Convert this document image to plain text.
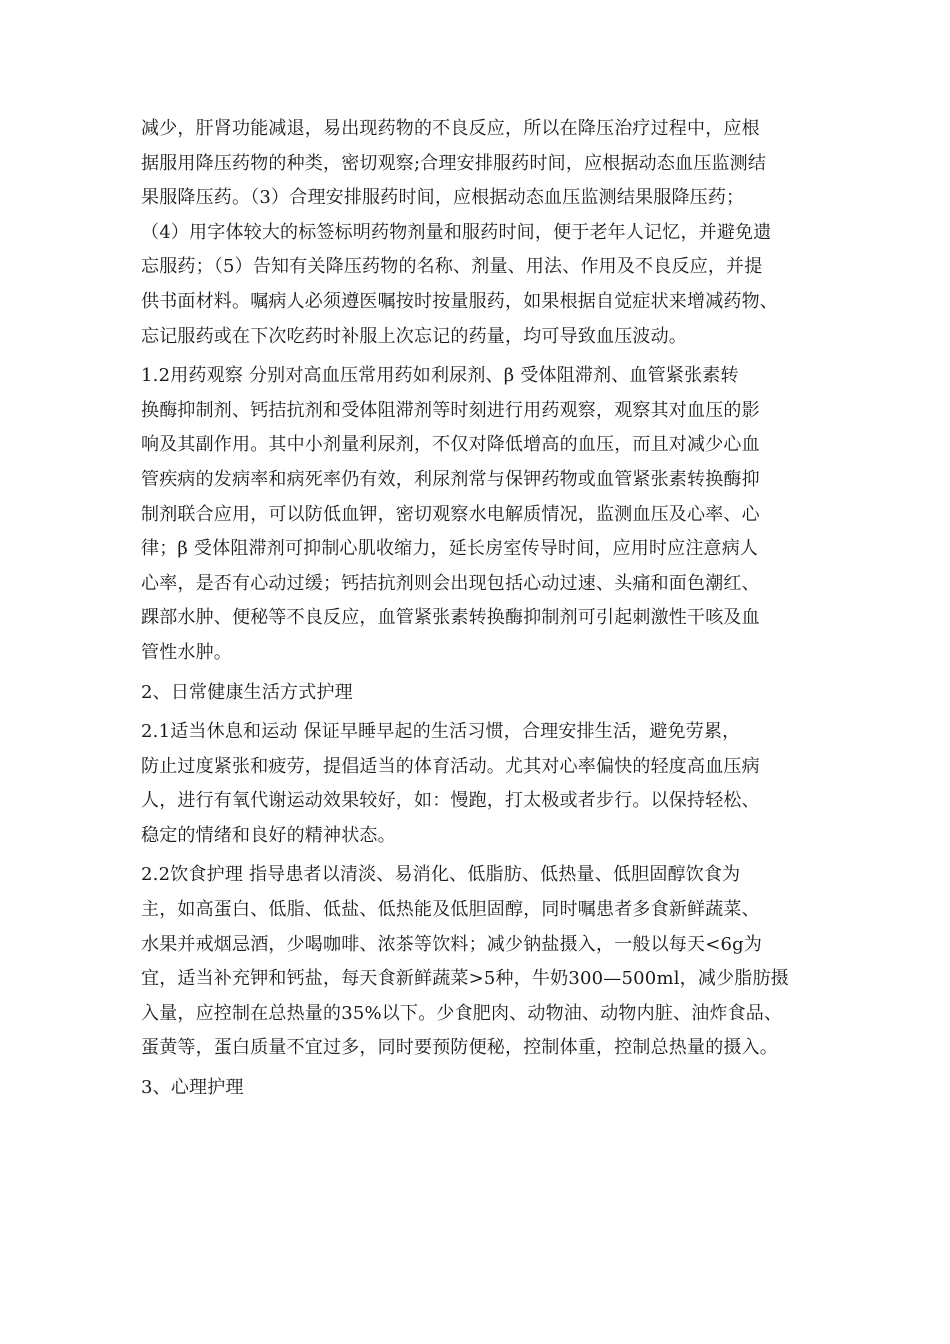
减少，肝肾功能减退，易出现药物的不良反应，所以在降压治疗过程中，应根
据服用降压药物的种类，密切观察;合理安排服药时间，应根据动态血压监测结
果服降压药。（3）合理安排服药时间，应根据动态血压监测结果服降压药；
（4）用字体较大的标签标明药物剂量和服药时间，便于老年人记忆，并避免遗
忘服药；（5）告知有关降压药物的名称、剂量、用法、作用及不良反应，并提
供书面材料。嘱病人必须遵医嘱按时按量服药，如果根据自觉症状来增减药物、
忘记服药或在下次吃药时补服上次忘记的药量，均可导致血压波动。

1.2用药观察 分别对高血压常用药如利尿剂、β 受体阻滞剂、血管紧张素转
换酶抑制剂、钙拮抗剂和受体阻滞剂等时刻进行用药观察，观察其对血压的影
响及其副作用。其中小剂量利尿剂，不仅对降低增高的血压，而且对减少心血
管疾病的发病率和病死率仍有效，利尿剂常与保钾药物或血管紧张素转换酶抑
制剂联合应用，可以防低血钾，密切观察水电解质情况，监测血压及心率、心
律；β 受体阻滞剂可抑制心肌收缩力，延长房室传导时间，应用时应注意病人
心率，是否有心动过缓；钙拮抗剂则会出现包括心动过速、头痛和面色潮红、
踝部水肿、便秘等不良反应，血管紧张素转换酶抑制剂可引起刺激性干咳及血
管性水肿。

2、日常健康生活方式护理

2.1适当休息和运动 保证早睡早起的生活习惯，合理安排生活，避免劳累，
防止过度紧张和疲劳，提倡适当的体育活动。尤其对心率偏快的轻度高血压病
人，进行有氧代谢运动效果较好，如：慢跑，打太极或者步行。以保持轻松、
稳定的情绪和良好的精神状态。

2.2饮食护理 指导患者以清淡、易消化、低脂肪、低热量、低胆固醇饮食为
主，如高蛋白、低脂、低盐、低热能及低胆固醇，同时嘱患者多食新鲜蔬菜、
水果并戒烟忌酒，少喝咖啡、浓茶等饮料；减少钠盐摄入，一般以每天<6g为
宜，适当补充钾和钙盐，每天食新鲜蔬菜>5种，牛奶300—500ml，减少脂肪摄
入量，应控制在总热量的35%以下。少食肥肉、动物油、动物内脏、油炸食品、
蛋黄等，蛋白质量不宜过多，同时要预防便秘，控制体重，控制总热量的摄入。

3、心理护理
